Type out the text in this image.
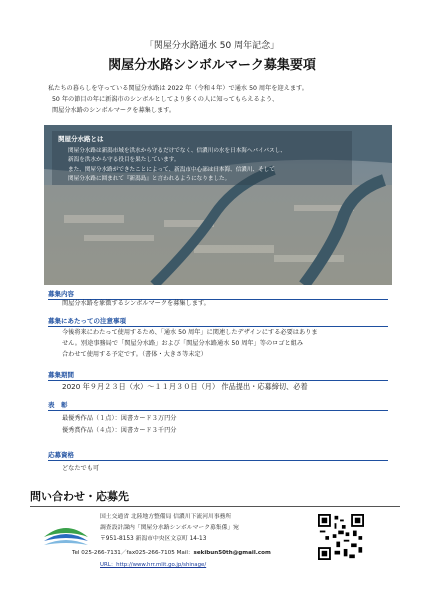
「関屋分水路通水 50 周年記念」
関屋分水路シンボルマーク募集要項
私たちの暮らしを守っている関屋分水路は 2022 年（令和４年）で通水 50 周年を迎えます。
50 年の節目の年に新潟市のシンボルとしてより多くの人に知ってもらえるよう、
関屋分水路のシンボルマークを募集します。
関屋分水路とは
関屋分水路は新潟市域を洪水から守るだけでなく、信濃川の水を日本海へバイパスし、
新潟を洪水から守る役目を果たしています。
また、関屋分水路ができたことによって、新潟市中心部は日本海、信濃川、そして
関屋分水路に囲まれて『新潟島』と言われるようになりました。
募集内容
関屋分水路を象徴するシンボルマークを募集します。
募集にあたっての注意事項
今後将来にわたって使用するため、「通水 50 周年」に関連したデザインにする必要はありま
せん。別途事務局で「関屋分水路」および「関屋分水路通水 50 周年」等のロゴと組み
合わせて使用する予定です。（書体・大きさ等未定）
募集期間
2020 年９月２３日（水）～１１月３０日（月） 作品提出・応募締切、必着
表　彰
最優秀作品（１点）：図書カード３万円分
優秀賞作品（４点）：図書カード３千円分
応募資格
どなたでも可
問い合わせ・応募先
国土交通省 北陸地方整備局 信濃川下流河川事務所
調査設計課内「関屋分水路シンボルマーク募集係」宛
〒951-8153 新潟市中央区文京町 14-13
Tel 025-266-7131／fax025-266-7105 Mail：sekibun50th@gmail.com
URL：http://www.hrr.mlit.go.jp/shinage/
